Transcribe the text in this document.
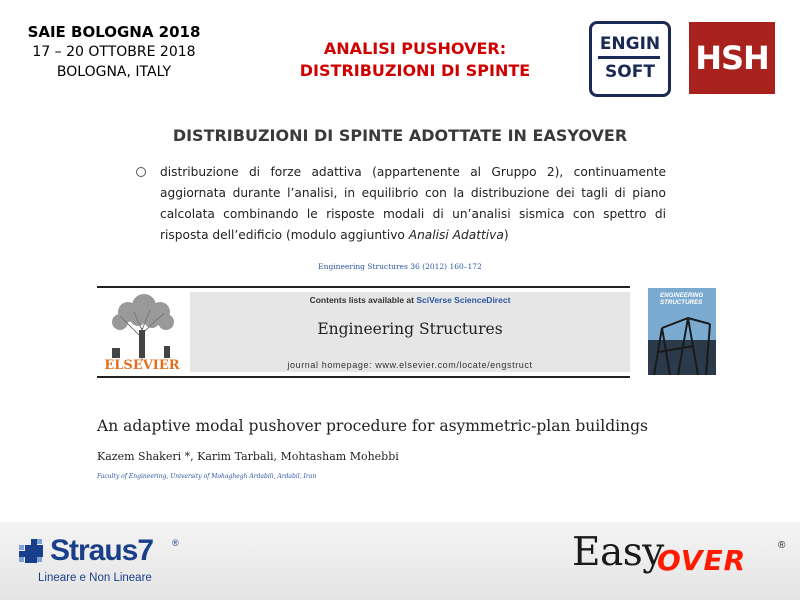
SAIE BOLOGNA 2018
17 – 20 OTTOBRE 2018
BOLOGNA, ITALY
ANALISI PUSHOVER:
DISTRIBUZIONI DI SPINTE
ENGIN
SOFT	HSH
DISTRIBUZIONI DI SPINTE ADOTTATE IN EASYOVER
distribuzione di forze adattiva (appartenente al Gruppo 2), continuamente aggiornata durante l’analisi, in equilibrio con la distribuzione dei tagli di piano calcolata combinando le risposte modali di un’analisi sismica con spettro di risposta dell’edificio (modulo aggiuntivo Analisi Adattiva)
Engineering Structures 36 (2012) 160–172
ELSEVIER
Contents lists available at SciVerse ScienceDirect
Engineering Structures
journal homepage: www.elsevier.com/locate/engstruct
ENGINEERING
STRUCTURES
An adaptive modal pushover procedure for asymmetric-plan buildings
Kazem Shakeri *, Karim Tarbali, Mohtasham Mohebbi
Faculty of Engineering, University of Mohaghegh Ardabili, Ardabil, Iran
Straus7 ®
Lineare e Non Lineare
Easy
OVER	®
